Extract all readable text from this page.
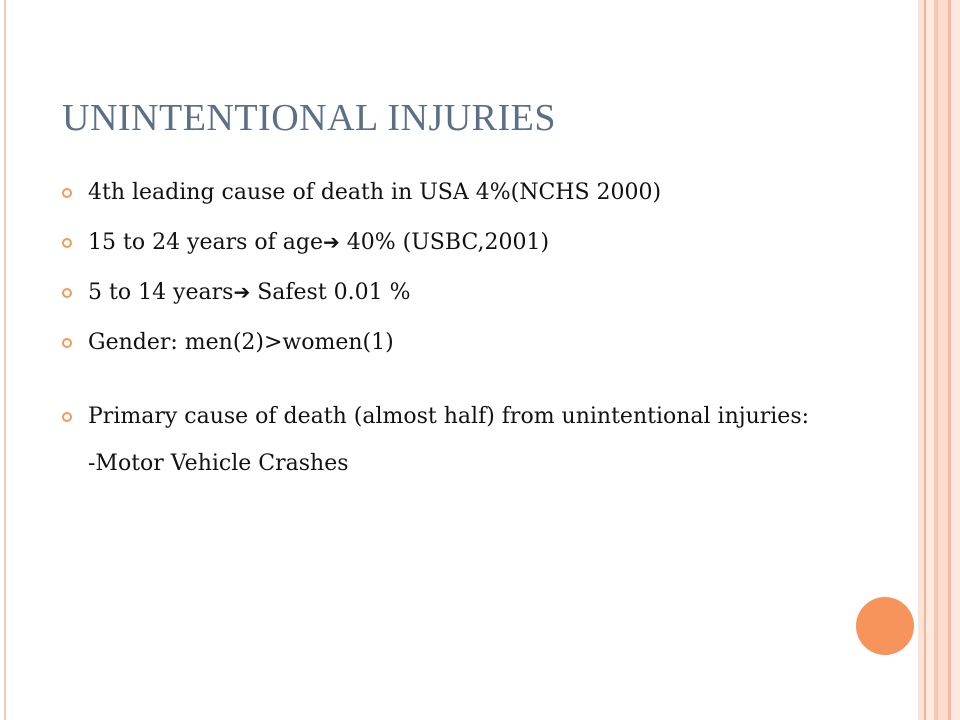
UNINTENTIONAL INJURIES

4th leading cause of death in USA 4%(NCHS 2000)

15 to 24 years of age➔ 40% (USBC,2001)

5 to 14 years➔ Safest 0.01 %

Gender: men(2)>women(1)

Primary cause of death (almost half) from unintentional injuries:

-Motor Vehicle Crashes
